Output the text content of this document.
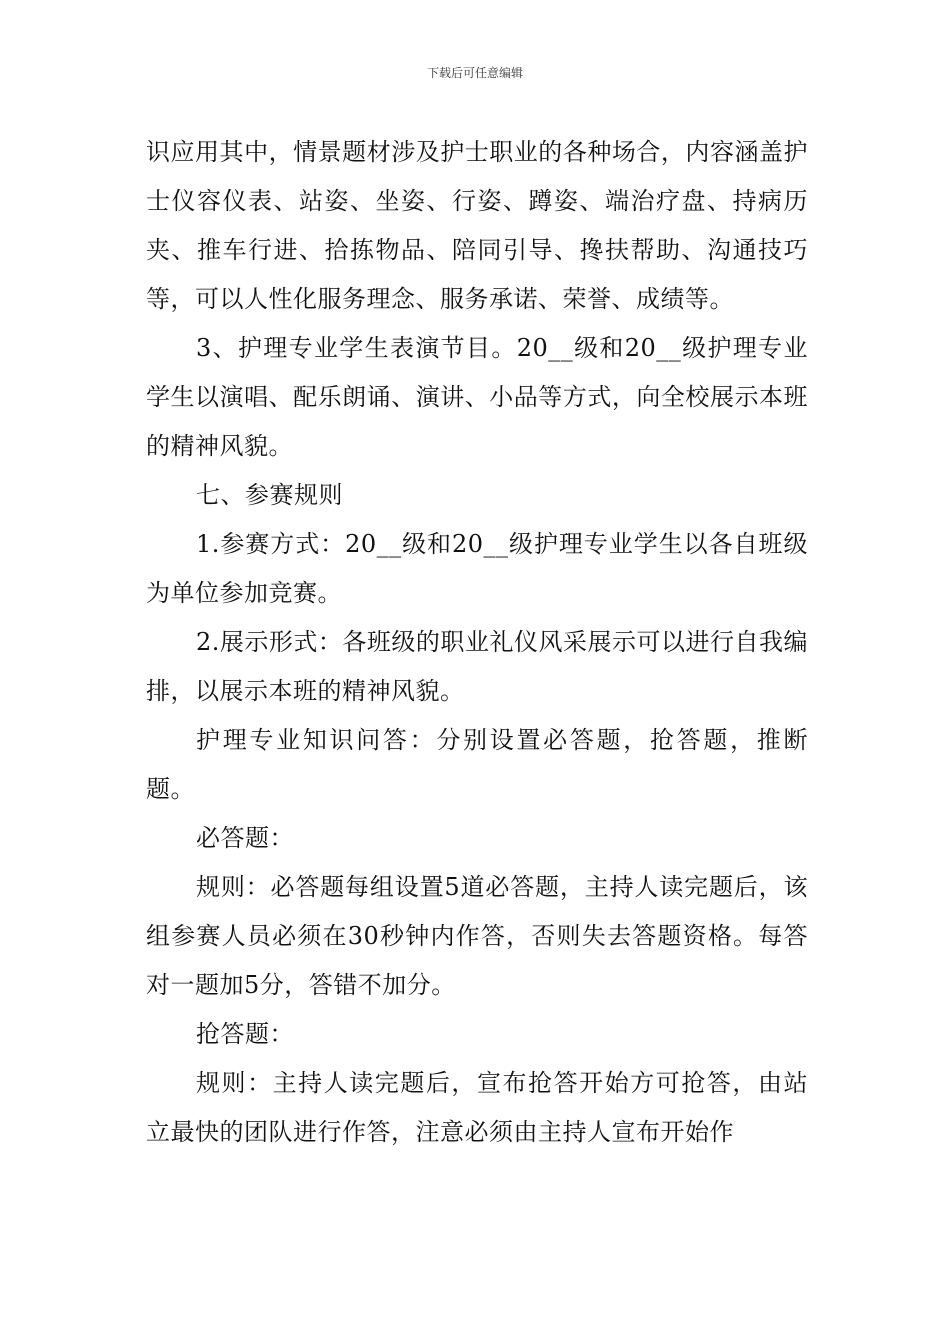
下载后可任意编辑

识应用其中，情景题材涉及护士职业的各种场合，内容涵盖护士仪容仪表、站姿、坐姿、行姿、蹲姿、端治疗盘、持病历夹、推车行进、拾拣物品、陪同引导、搀扶帮助、沟通技巧等，可以人性化服务理念、服务承诺、荣誉、成绩等。

3、护理专业学生表演节目。20__级和20__级护理专业学生以演唱、配乐朗诵、演讲、小品等方式，向全校展示本班的精神风貌。

七、参赛规则

1.参赛方式：20__级和20__级护理专业学生以各自班级为单位参加竞赛。

2.展示形式：各班级的职业礼仪风采展示可以进行自我编排，以展示本班的精神风貌。

护理专业知识问答：分别设置必答题，抢答题，推断题。

必答题：

规则：必答题每组设置5道必答题，主持人读完题后，该组参赛人员必须在30秒钟内作答，否则失去答题资格。每答对一题加5分，答错不加分。

抢答题：

规则：主持人读完题后，宣布抢答开始方可抢答，由站立最快的团队进行作答，注意必须由主持人宣布开始作
